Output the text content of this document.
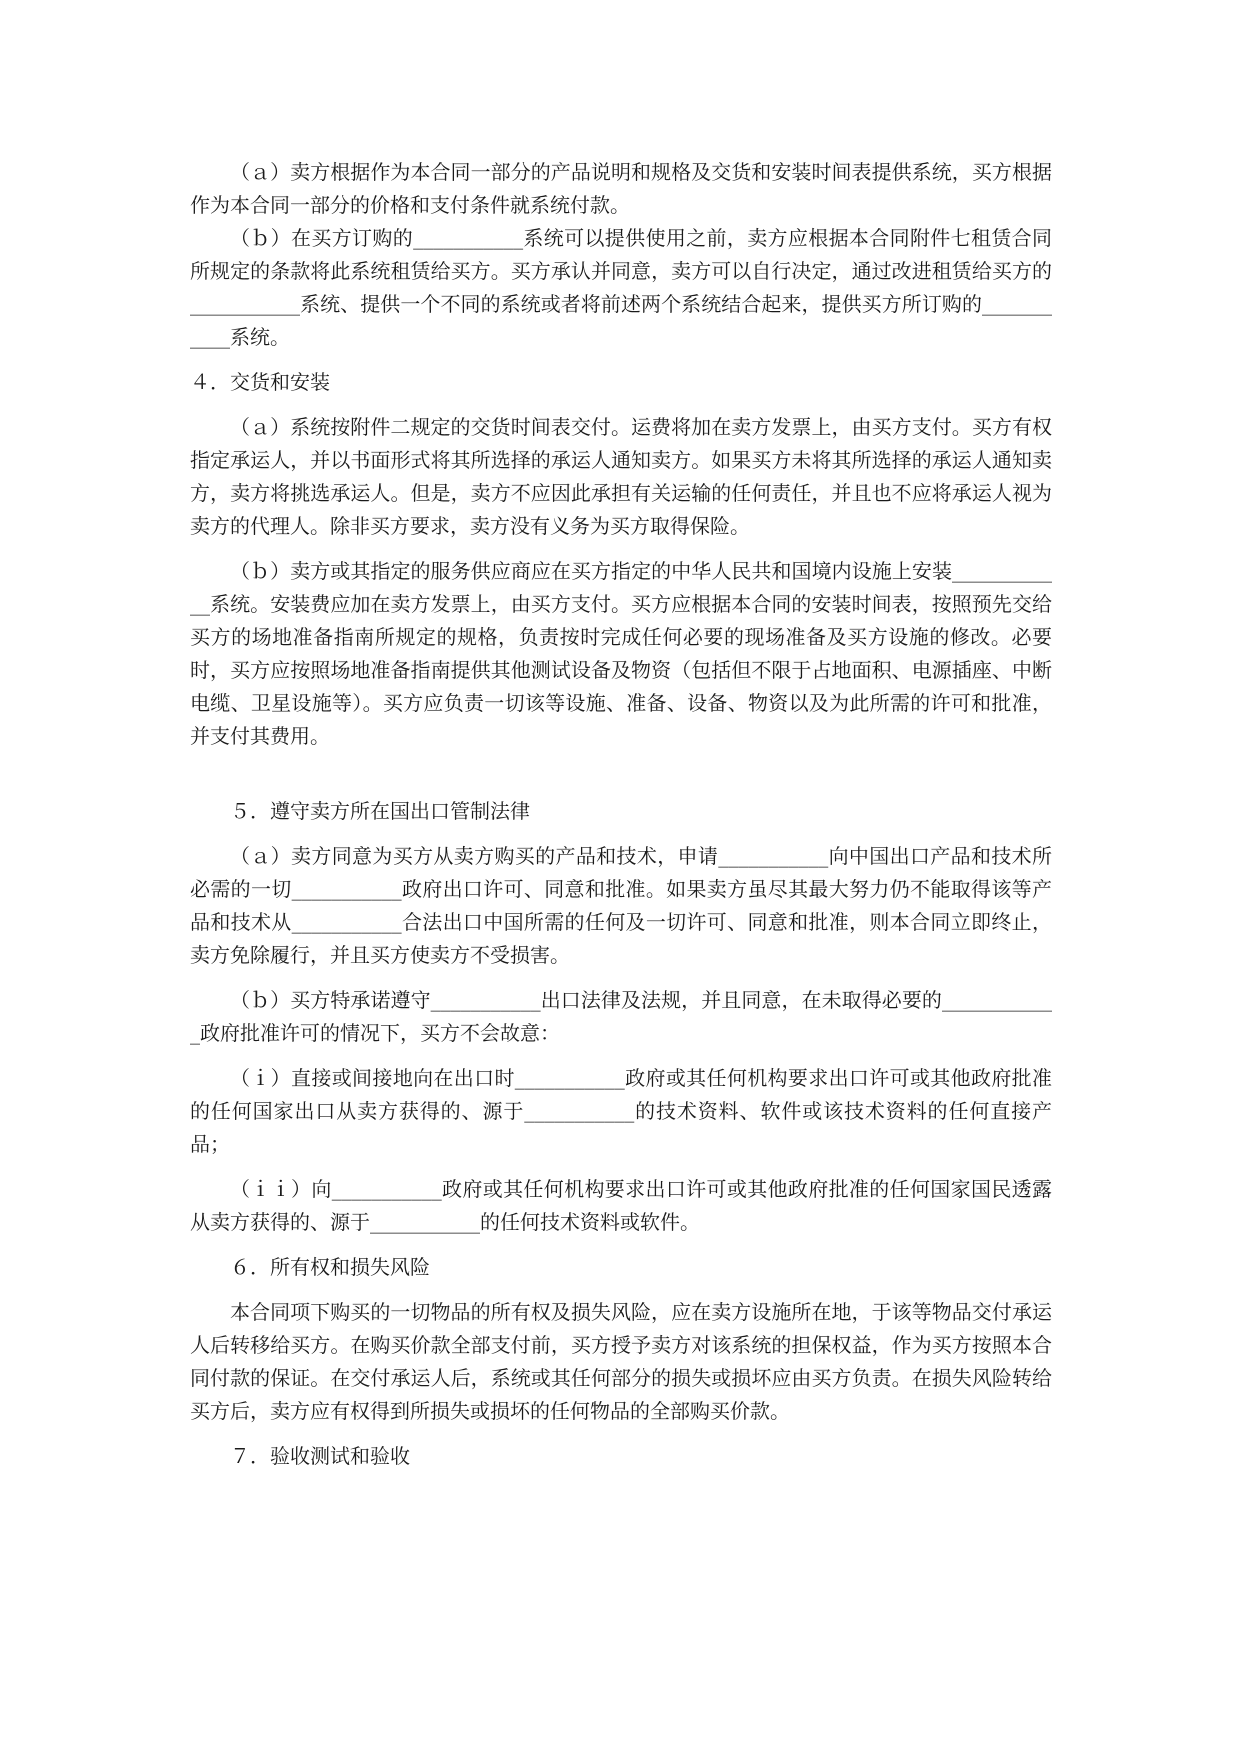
（ａ）卖方根据作为本合同一部分的产品说明和规格及交货和安装时间表提供系统，买方根据作为本合同一部分的价格和支付条件就系统付款。

（ｂ）在买方订购的___________系统可以提供使用之前，卖方应根据本合同附件七租赁合同所规定的条款将此系统租赁给买方。买方承认并同意，卖方可以自行决定，通过改进租赁给买方的___________系统、提供一个不同的系统或者将前述两个系统结合起来，提供买方所订购的___________系统。

４．交货和安装

（ａ）系统按附件二规定的交货时间表交付。运费将加在卖方发票上，由买方支付。买方有权指定承运人，并以书面形式将其所选择的承运人通知卖方。如果买方未将其所选择的承运人通知卖方，卖方将挑选承运人。但是，卖方不应因此承担有关运输的任何责任，并且也不应将承运人视为卖方的代理人。除非买方要求，卖方没有义务为买方取得保险。

（ｂ）卖方或其指定的服务供应商应在买方指定的中华人民共和国境内设施上安装____________系统。安装费应加在卖方发票上，由买方支付。买方应根据本合同的安装时间表，按照预先交给买方的场地准备指南所规定的规格，负责按时完成任何必要的现场准备及买方设施的修改。必要时，买方应按照场地准备指南提供其他测试设备及物资（包括但不限于占地面积、电源插座、中断电缆、卫星设施等）。买方应负责一切该等设施、准备、设备、物资以及为此所需的许可和批准，并支付其费用。

５．遵守卖方所在国出口管制法律

（ａ）卖方同意为买方从卖方购买的产品和技术，申请___________向中国出口产品和技术所必需的一切___________政府出口许可、同意和批准。如果卖方虽尽其最大努力仍不能取得该等产品和技术从___________合法出口中国所需的任何及一切许可、同意和批准，则本合同立即终止，卖方免除履行，并且买方使卖方不受损害。

（ｂ）买方特承诺遵守___________出口法律及法规，并且同意，在未取得必要的____________政府批准许可的情况下，买方不会故意：

（ｉ）直接或间接地向在出口时___________政府或其任何机构要求出口许可或其他政府批准的任何国家出口从卖方获得的、源于___________的技术资料、软件或该技术资料的任何直接产品；

（ｉｉ）向___________政府或其任何机构要求出口许可或其他政府批准的任何国家国民透露从卖方获得的、源于___________的任何技术资料或软件。

６．所有权和损失风险

本合同项下购买的一切物品的所有权及损失风险，应在卖方设施所在地，于该等物品交付承运人后转移给买方。在购买价款全部支付前，买方授予卖方对该系统的担保权益，作为买方按照本合同付款的保证。在交付承运人后，系统或其任何部分的损失或损坏应由买方负责。在损失风险转给买方后，卖方应有权得到所损失或损坏的任何物品的全部购买价款。

７．验收测试和验收
